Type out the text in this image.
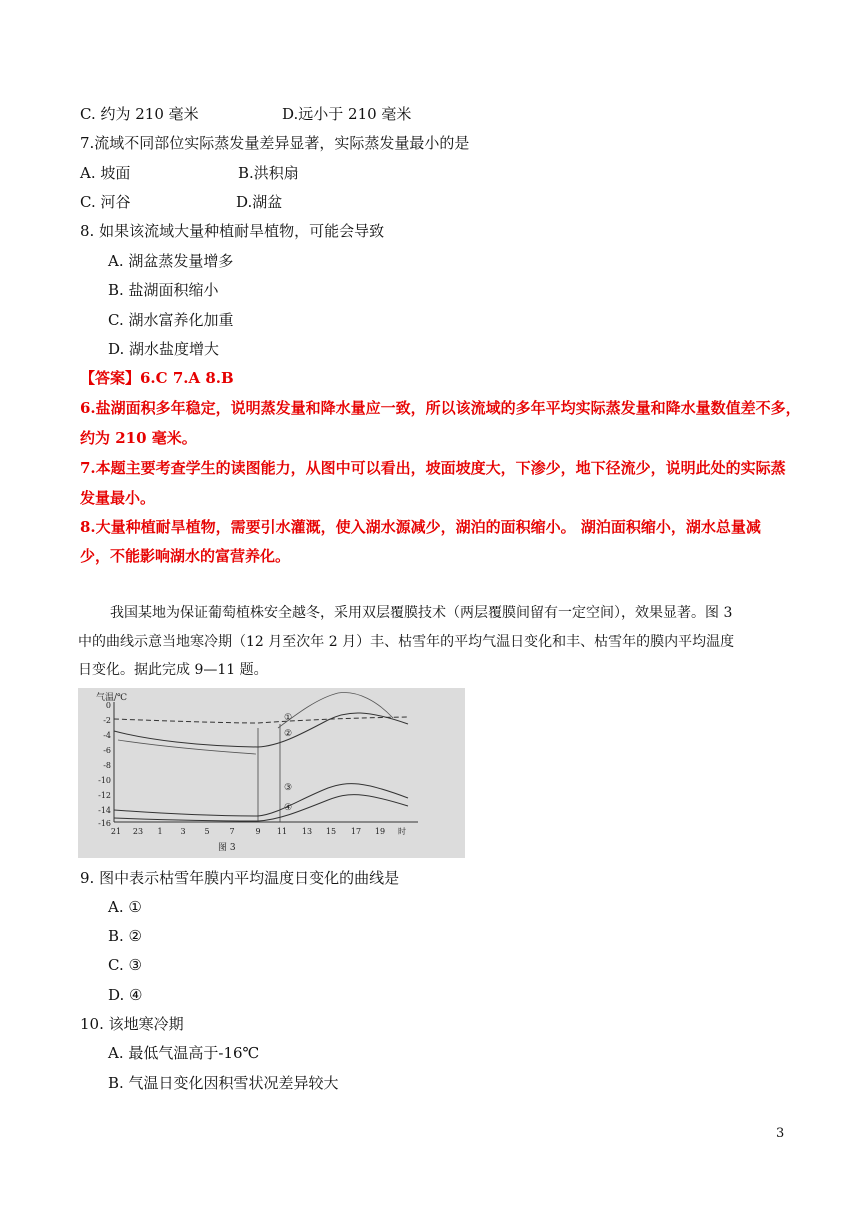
C. 约为 210 毫米	D.远小于 210 毫米
7.流域不同部位实际蒸发量差异显著，实际蒸发量最小的是
A. 坡面	B.洪积扇
C. 河谷	D.湖盆
8. 如果该流域大量种植耐旱植物，可能会导致
A. 湖盆蒸发量增多
B. 盐湖面积缩小
C. 湖水富养化加重
D. 湖水盐度增大
【答案】6.C 7.A 8.B
6.盐湖面积多年稳定，说明蒸发量和降水量应一致，所以该流域的多年平均实际蒸发量和降水量数值差不多，
约为 210 毫米。
7.本题主要考查学生的读图能力，从图中可以看出，坡面坡度大，下渗少，地下径流少，说明此处的实际蒸
发量最小。
8.大量种植耐旱植物，需要引水灌溉，使入湖水源减少，湖泊的面积缩小。 湖泊面积缩小，湖水总量减
少，不能影响湖水的富营养化。
我国某地为保证葡萄植株安全越冬，采用双层覆膜技术（两层覆膜间留有一定空间），效果显著。图 3
中的曲线示意当地寒冷期（12 月至次年 2 月）丰、枯雪年的平均气温日变化和丰、枯雪年的膜内平均温度
日变化。据此完成 9—11 题。
气温/℃
0
-2
-4
-6
-8
-10
-12
-14
-16
21 23 1 3 5 7	9 11 13 15 17 19 时
①
②
③
④
图 3
9. 图中表示枯雪年膜内平均温度日变化的曲线是
A. ①
B. ②
C. ③
D. ④
10. 该地寒冷期
A. 最低气温高于-16℃
B. 气温日变化因积雪状况差异较大
3
